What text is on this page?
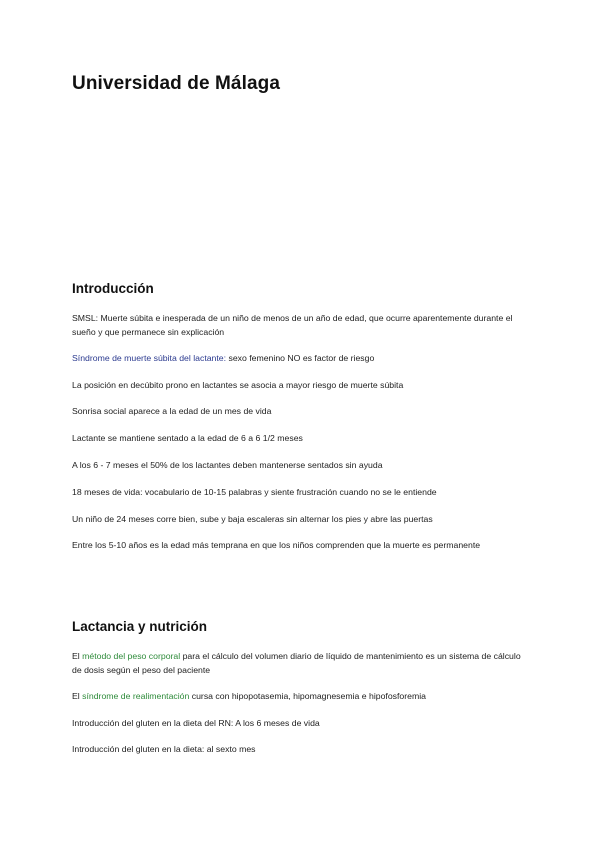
Universidad de Málaga
Introducción

SMSL: Muerte súbita e inesperada de un niño de menos de un año de edad, que ocurre aparentemente durante el sueño y que permanece sin explicación

Síndrome de muerte súbita del lactante: sexo femenino NO es factor de riesgo

La posición en decúbito prono en lactantes se asocia a mayor riesgo de muerte súbita

Sonrisa social aparece a la edad de un mes de vida

Lactante se mantiene sentado a la edad de 6 a 6 1/2 meses

A los 6 - 7 meses el 50% de los lactantes deben mantenerse sentados sin ayuda

18 meses de vida: vocabulario de 10-15 palabras y siente frustración cuando no se le entiende

Un niño de 24 meses corre bien, sube y baja escaleras sin alternar los pies y abre las puertas

Entre los 5-10 años es la edad más temprana en que los niños comprenden que la muerte es permanente

Lactancia y nutrición

El método del peso corporal para el cálculo del volumen diario de líquido de mantenimiento es un sistema de cálculo de dosis según el peso del paciente

El síndrome de realimentación cursa con hipopotasemia, hipomagnesemia e hipofosforemia

Introducción del gluten en la dieta del RN: A los 6 meses de vida

Introducción del gluten en la dieta: al sexto mes
